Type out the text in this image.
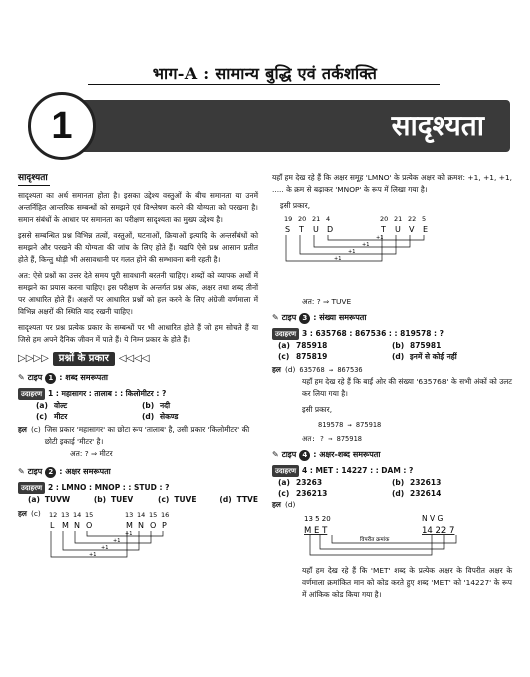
भाग-A : सामान्य बुद्धि एवं तर्कशक्ति
1	सादृश्यता
सादृश्यता

सादृश्यता का अर्थ समानता होता है। इसका उद्देश्य वस्तुओं के बीच समानता या उनमें अन्तर्निहित आन्तरिक सम्बन्धों को समझने एवं विश्लेषण करने की योग्यता को परखना है। समान संबंधों के आधार पर समानता का परीक्षण सादृश्यता का मुख्य उद्देश्य है।

इससे सम्बन्धित प्रश्न विभिन्न तत्वों, वस्तुओं, घटनाओं, क्रियाओं इत्यादि के अन्तर्संबंधों को समझने और परखने की योग्यता की जांच के लिए होते हैं। यद्यपि ऐसे प्रश्न आसान प्रतीत होते हैं, किन्तु थोड़ी भी असावधानी पर गलत होने की सम्भावना बनी रहती है।

अत: ऐसे प्रश्नों का उत्तर देते समय पूरी सावधानी बरतनी चाहिए। शब्दों को व्यापक अर्थों में समझने का प्रयास करना चाहिए। इस परीक्षण के अन्तर्गत प्रश्न अंक, अक्षर तथा शब्द तीनों पर आधारित होते हैं। अक्षरों पर आधारित प्रश्नों को हल करने के लिए अंग्रेजी वर्णमाला में विभिन्न अक्षरों की स्थिति याद रखनी चाहिए।

सादृश्यता पर प्रश्न प्रत्येक प्रकार के सम्बन्धों पर भी आधारित होते हैं जो हम सोचते हैं या जिसे हम अपने दैनिक जीवन में पाते हैं। ये निम्न प्रकार के होते हैं।

▷▷▷▷	प्रश्नों के प्रकार	◁◁◁◁
✎ टाइप 1 : शब्द समरूपता
उदाहरण 1 : महासागर : तालाब : : किलोमीटर : ?
(a) वोल्ट	(b) नदी
(c) मीटर	(d) सेकण्ड
हल (c) जिस प्रकार 'महासागर' का छोटा रूप 'तालाब' है, उसी प्रकार 'किलोमीटर' की छोटी इकाई 'मीटर' है।
अत: ? ⇒ मीटर
✎ टाइप 2 : अक्षर समरूपता
उदाहरण 2 : LMNO : MNOP : : STUD : ?
(a) TUVW	(b) TUEV	(c) TUVE	(d) TTVE
हल (c) 12
L
13
M
14
N
15
O
13
M
14
N
15
O
16
P
+1
+1
+1
+1

यहाँ हम देख रहे हैं कि अक्षर समूह 'LMNO' के प्रत्येक अक्षर को क्रमश: +1, +1, +1, ..... के क्रम से बढ़ाकर 'MNOP' के रूप में लिखा गया है।

इसी प्रकार,
19
S
20
T
21
U
4
D
20
T
21
U
22
V
5
E
+1
+1
+1
+1
अत: ? ⇒ TUVE
✎ टाइप 3 : संख्या समरूपता
उदाहरण 3 : 635768 : 867536 : : 819578 : ?
(a) 785918	(b) 875981
(c) 875819	(d) इनमें से कोई नहीं
हल (d) 635768 → 867536

यहाँ हम देख रहे हैं कि बाईं ओर की संख्या '635768' के सभी अंकों को उलट कर लिया गया है।

इसी प्रकार,
819578 → 875918
अत: ? ⇒ 875918
✎ टाइप 4 : अक्षर-शब्द समरूपता
उदाहरण 4 : MET : 14227 : : DAM : ?
(a) 23263	(b) 232613
(c) 236213	(d) 232614
हल (d)
13 5 20
M E T
N V G
14 22 7
विपरीत क्रमांक

यहाँ हम देख रहे हैं कि 'MET' शब्द के प्रत्येक अक्षर के विपरीत अक्षर के वर्णमाला क्रमांकित मान को कोड करते हुए शब्द 'MET' को '14227' के रूप में आंकिक कोड किया गया है।
